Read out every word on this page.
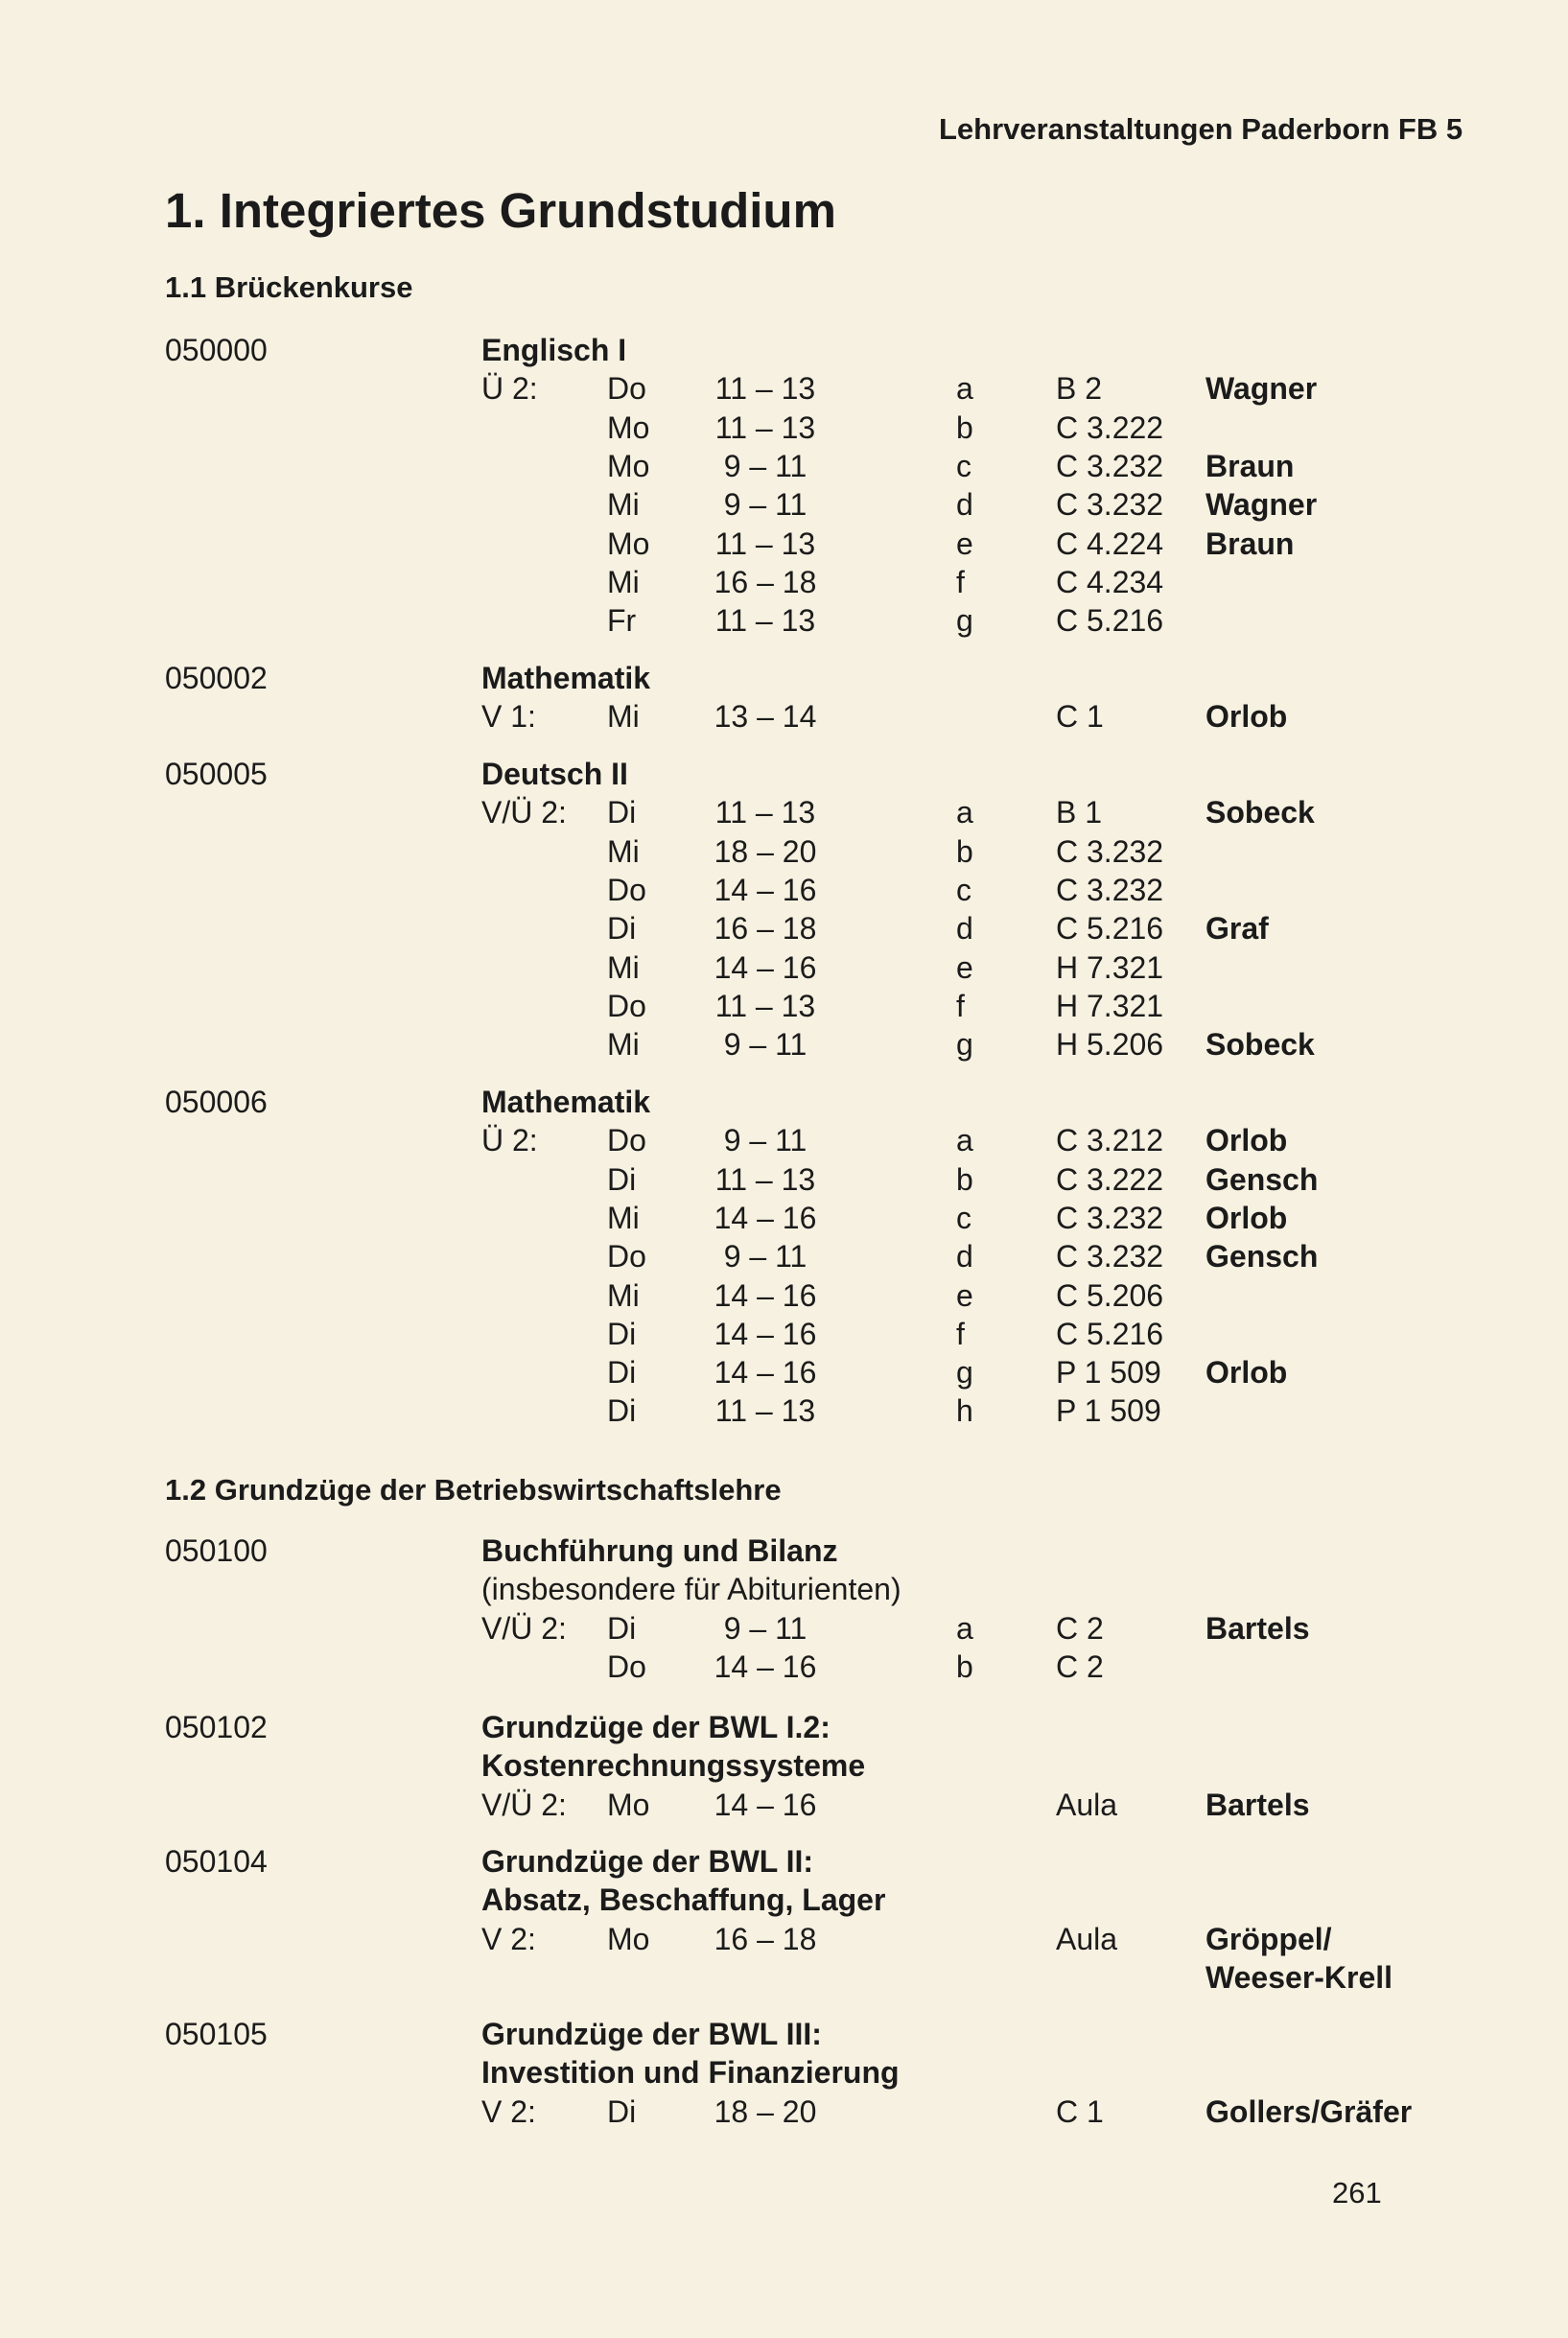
Lehrveranstaltungen Paderborn FB 5
1. Integriertes Grundstudium
1.1 Brückenkurse
050000	Englisch I
Ü 2: Do	11 – 13	a	B 2	Wagner
Mo	11 – 13	b	C 3.222
Mo	9 – 11	c	C 3.232 Braun
Mi	9 – 11	d	C 3.232 Wagner
Mo	11 – 13	e	C 4.224 Braun
Mi 16 – 18	f	C 4.234
Fr	11 – 13	g	C 5.216
050002	Mathematik
V 1: Mi 13 – 14	C 1	Orlob
050005	Deutsch II
V/Ü 2: Di	11 – 13	a	B 1	Sobeck
Mi 18 – 20	b	C 3.232
Do 14 – 16	c	C 3.232
Di	16 – 18	d	C 5.216 Graf
Mi 14 – 16	e	H 7.321
Do	11 – 13	f	H 7.321
Mi	9 – 11	g	H 5.206 Sobeck
050006	Mathematik
Ü 2: Do	9 – 11	a	C 3.212 Orlob
Di	11 – 13	b	C 3.222 Gensch
Mi 14 – 16	c	C 3.232 Orlob
Do	9 – 11	d	C 3.232 Gensch
Mi 14 – 16	e	C 5.206
Di	14 – 16	f	C 5.216
Di	14 – 16	g	P 1 509 Orlob
Di	11 – 13	h	P 1 509
1.2 Grundzüge der Betriebswirtschaftslehre
050100	Buchführung und Bilanz
(insbesondere für Abiturienten)
V/Ü 2: Di	9 – 11	a	C 2	Bartels
Do 14 – 16	b	C 2
050102	Grundzüge der BWL I.2:
Kostenrechnungssysteme
V/Ü 2: Mo 14 – 16	Aula	Bartels
050104	Grundzüge der BWL II:
Absatz, Beschaffung, Lager
V 2: Mo 16 – 18	Aula	Gröppel/
Weeser-Krell
050105	Grundzüge der BWL III:
Investition und Finanzierung
V 2: Di	18 – 20	C 1	Gollers/Gräfer
261
